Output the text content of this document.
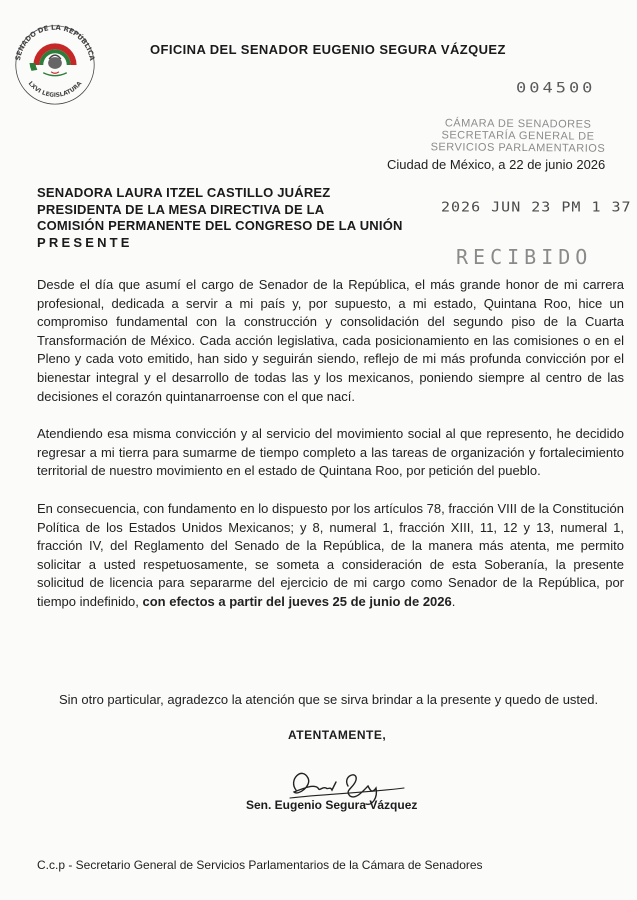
SENADO DE LA REPÚBLICA
LXVI LEGISLATURA
OFICINA DEL SENADOR EUGENIO SEGURA VÁZQUEZ
004500
CÁMARA DE SENADORES
SECRETARÍA GENERAL DE
SERVICIOS PARLAMENTARIOS
Ciudad de México, a 22 de junio 2026
SENADORA LAURA ITZEL CASTILLO JUÁREZ
PRESIDENTA DE LA MESA DIRECTIVA DE LA
COMISIÓN PERMANENTE DEL CONGRESO DE LA UNIÓN
PRESENTE
2026 JUN 23 PM 1 37
RECIBIDO

Desde el día que asumí el cargo de Senador de la República, el más grande honor de mi carrera profesional, dedicada a servir a mi país y, por supuesto, a mi estado, Quintana Roo, hice un compromiso fundamental con la construcción y consolidación del segundo piso de la Cuarta Transformación de México. Cada acción legislativa, cada posicionamiento en las comisiones o en el Pleno y cada voto emitido, han sido y seguirán siendo, reflejo de mi más profunda convicción por el bienestar integral y el desarrollo de todas las y los mexicanos, poniendo siempre al centro de las decisiones el corazón quintanarroense con el que nací.

Atendiendo esa misma convicción y al servicio del movimiento social al que represento, he decidido regresar a mi tierra para sumarme de tiempo completo a las tareas de organización y fortalecimiento territorial de nuestro movimiento en el estado de Quintana Roo, por petición del pueblo.

En consecuencia, con fundamento en lo dispuesto por los artículos 78, fracción VIII de la Constitución Política de los Estados Unidos Mexicanos; y 8, numeral 1, fracción XIII, 11, 12 y 13, numeral 1, fracción IV, del Reglamento del Senado de la República, de la manera más atenta, me permito solicitar a usted respetuosamente, se someta a consideración de esta Soberanía, la presente solicitud de licencia para separarme del ejercicio de mi cargo como Senador de la República, por tiempo indefinido, con efectos a partir del jueves 25 de junio de 2026.

Sin otro particular, agradezco la atención que se sirva brindar a la presente y quedo de usted.
ATENTAMENTE,
Sen. Eugenio Segura Vázquez
C.c.p - Secretario General de Servicios Parlamentarios de la Cámara de Senadores
